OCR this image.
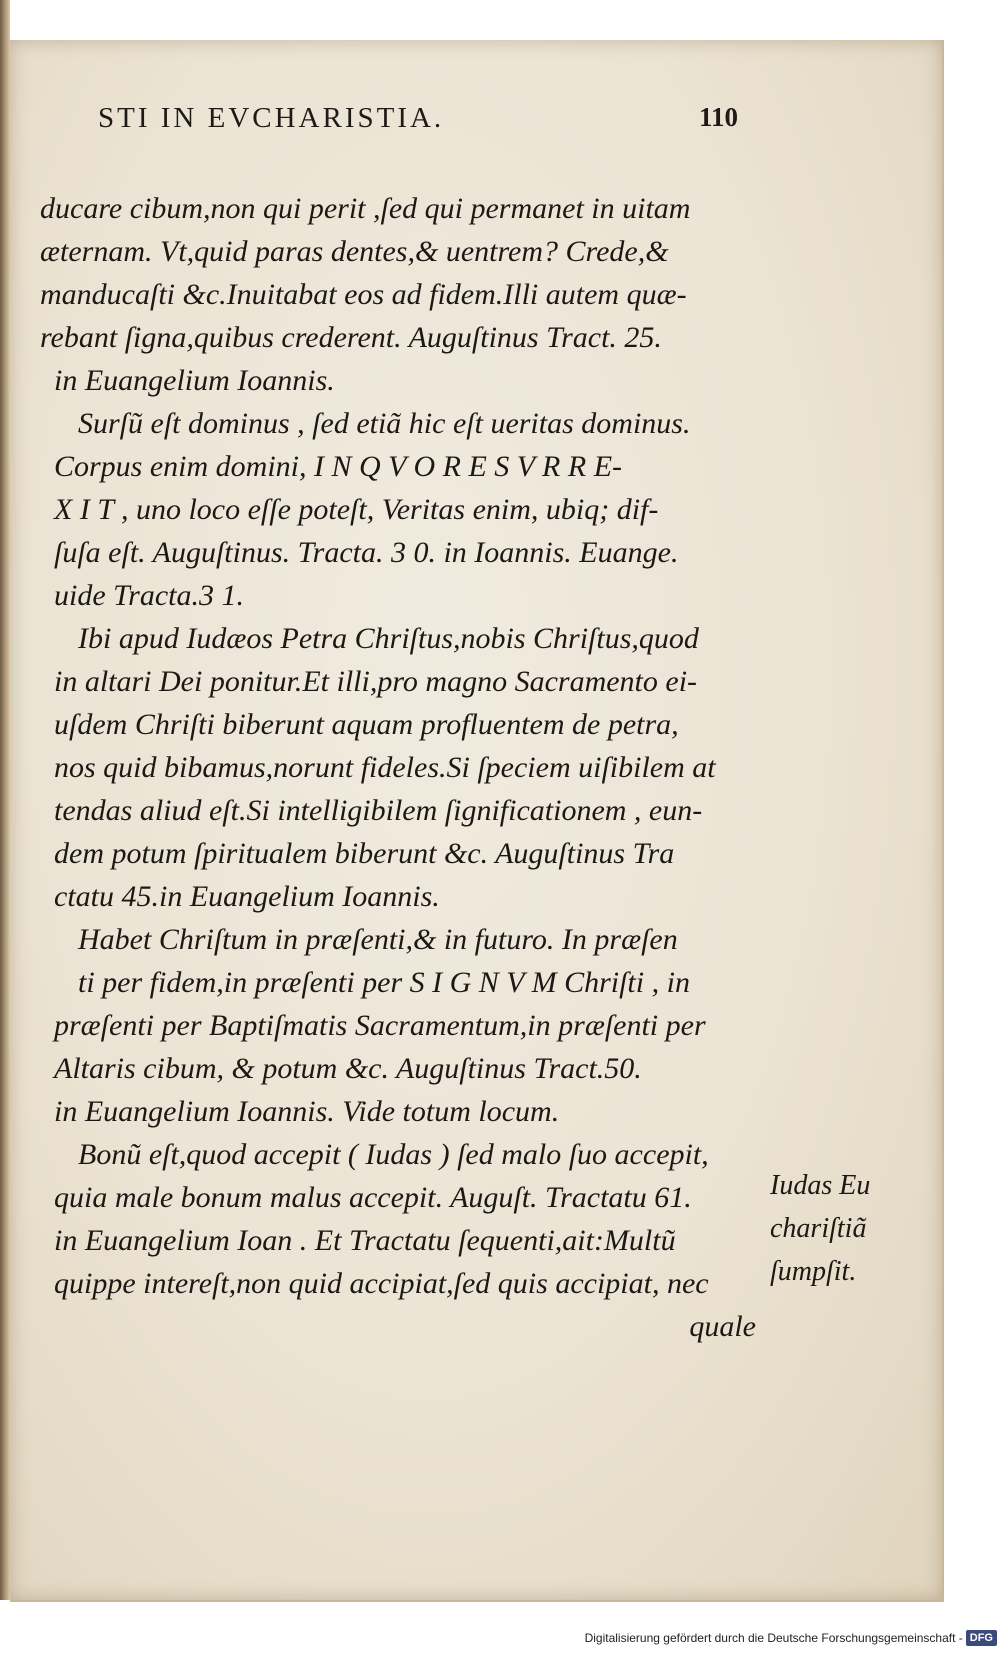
STI IN EVCHARISTIA.	110
ducare cibum,non qui perit ,ſed qui permanet in uitam
æternam. Vt,quid paras dentes,& uentrem? Crede,&
manducaſti &c.Inuitabat eos ad fidem.Illi autem quæ-
rebant ſigna,quibus crederent. Auguſtinus Tract. 25.
in Euangelium Ioannis.
Surſũ eſt dominus , ſed etiã hic eſt ueritas dominus.
Corpus enim domini, I N Q V O R E S V R R E-
X I T , uno loco eſſe poteſt, Veritas enim, ubiq; dif-
ſuſa eſt. Auguſtinus. Tracta. 3 0. in Ioannis. Euange.
uide Tracta.3 1.
Ibi apud Iudæos Petra Chriſtus,nobis Chriſtus,quod
in altari Dei ponitur.Et illi,pro magno Sacramento ei-
uſdem Chriſti biberunt aquam profluentem de petra,
nos quid bibamus,norunt fideles.Si ſpeciem uiſibilem at
tendas aliud eſt.Si intelligibilem ſignificationem , eun-
dem potum ſpiritualem biberunt &c. Auguſtinus Tra
ctatu 45.in Euangelium Ioannis.
Habet Chriſtum in præſenti,& in futuro. In præſen
ti per fidem,in præſenti per S I G N V M Chriſti , in
præſenti per Baptiſmatis Sacramentum,in præſenti per
Altaris cibum, & potum &c. Auguſtinus Tract.50.
in Euangelium Ioannis. Vide totum locum.
Bonũ eſt,quod accepit ( Iudas ) ſed malo ſuo accepit,
quia male bonum malus accepit. Auguſt. Tractatu 61.
in Euangelium Ioan . Et Tractatu ſequenti,ait:Multũ
quippe intereſt,non quid accipiat,ſed quis accipiat, nec
quale
Iudas Eu
chariſtiã
ſumpſit.
Digitalisierung gefördert durch die Deutsche Forschungsgemeinschaft - DFG
